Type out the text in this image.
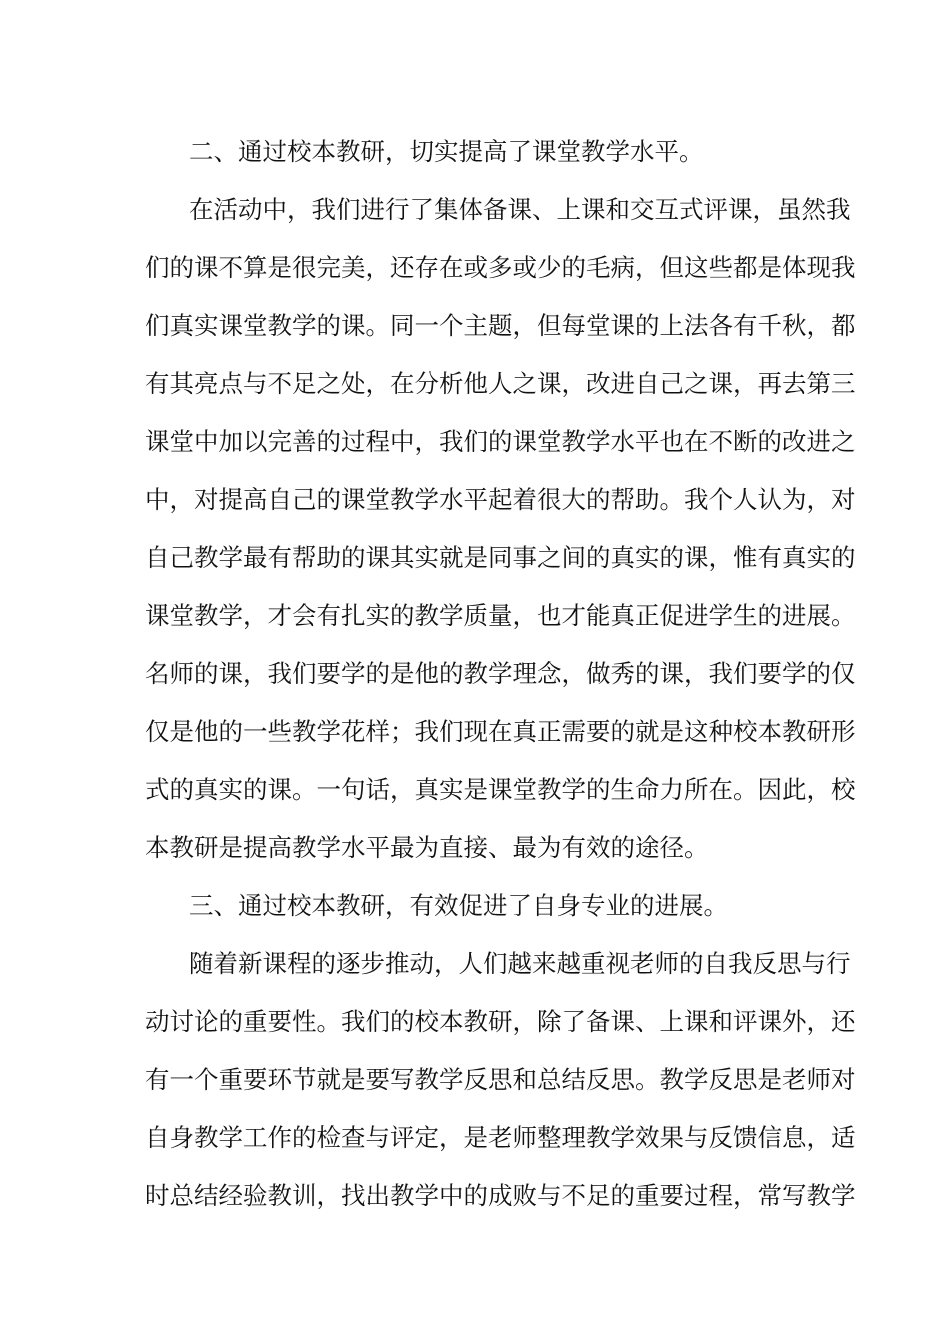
二、通过校本教研，切实提高了课堂教学水平。
在活动中，我们进行了集体备课、上课和交互式评课，虽然我
们的课不算是很完美，还存在或多或少的毛病，但这些都是体现我
们真实课堂教学的课。同一个主题，但每堂课的上法各有千秋，都
有其亮点与不足之处，在分析他人之课，改进自己之课，再去第三
课堂中加以完善的过程中，我们的课堂教学水平也在不断的改进之
中，对提高自己的课堂教学水平起着很大的帮助。我个人认为，对
自己教学最有帮助的课其实就是同事之间的真实的课，惟有真实的
课堂教学，才会有扎实的教学质量，也才能真正促进学生的进展。
名师的课，我们要学的是他的教学理念，做秀的课，我们要学的仅
仅是他的一些教学花样；我们现在真正需要的就是这种校本教研形
式的真实的课。一句话，真实是课堂教学的生命力所在。因此，校
本教研是提高教学水平最为直接、最为有效的途径。
三、通过校本教研，有效促进了自身专业的进展。
随着新课程的逐步推动，人们越来越重视老师的自我反思与行
动讨论的重要性。我们的校本教研，除了备课、上课和评课外，还
有一个重要环节就是要写教学反思和总结反思。教学反思是老师对
自身教学工作的检查与评定，是老师整理教学效果与反馈信息，适
时总结经验教训，找出教学中的成败与不足的重要过程，常写教学
